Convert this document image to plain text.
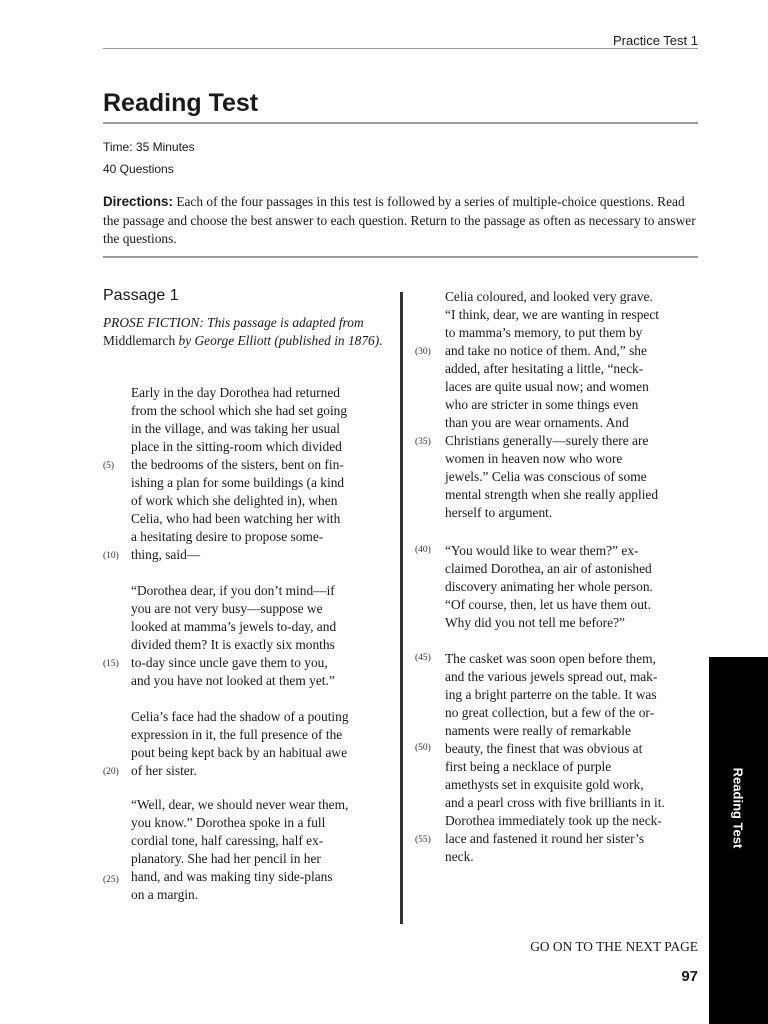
Practice Test 1
Reading Test
Time: 35 Minutes
40 Questions
Directions: Each of the four passages in this test is followed by a series of multiple-choice questions. Read the passage and choose the best answer to each question. Return to the passage as often as necessary to answer the questions.
Passage 1
PROSE FICTION: This passage is adapted from Middlemarch by George Elliott (published in 1876).
Early in the day Dorothea had returned
from the school which she had set going
in the village, and was taking her usual
place in the sitting-room which divided
the bedrooms of the sisters, bent on fin-
ishing a plan for some buildings (a kind
of work which she delighted in), when
Celia, who had been watching her with
a hesitating desire to propose some-
thing, said—
“Dorothea dear, if you don’t mind—if
you are not very busy—suppose we
looked at mamma’s jewels to-day, and
divided them? It is exactly six months
to-day since uncle gave them to you,
and you have not looked at them yet.”
Celia’s face had the shadow of a pouting
expression in it, the full presence of the
pout being kept back by an habitual awe
of her sister.
“Well, dear, we should never wear them,
you know.” Dorothea spoke in a full
cordial tone, half caressing, half ex-
planatory. She had her pencil in her
hand, and was making tiny side-plans
on a margin.
(5)
(10)
(15)
(20)
(25)
Celia coloured, and looked very grave.
“I think, dear, we are wanting in respect
to mamma’s memory, to put them by
and take no notice of them. And,” she
added, after hesitating a little, “neck-
laces are quite usual now; and women
who are stricter in some things even
than you are wear ornaments. And
Christians generally—surely there are
women in heaven now who wore
jewels.” Celia was conscious of some
mental strength when she really applied
herself to argument.
“You would like to wear them?” ex-
claimed Dorothea, an air of astonished
discovery animating her whole person.
“Of course, then, let us have them out.
Why did you not tell me before?”
The casket was soon open before them,
and the various jewels spread out, mak-
ing a bright parterre on the table. It was
no great collection, but a few of the or-
naments were really of remarkable
beauty, the finest that was obvious at
first being a necklace of purple
amethysts set in exquisite gold work,
and a pearl cross with five brilliants in it.
Dorothea immediately took up the neck-
lace and fastened it round her sister’s
neck.
(30)
(35)
(40)
(45)
(50)
(55)	Reading Test
GO ON TO THE NEXT PAGE
97
